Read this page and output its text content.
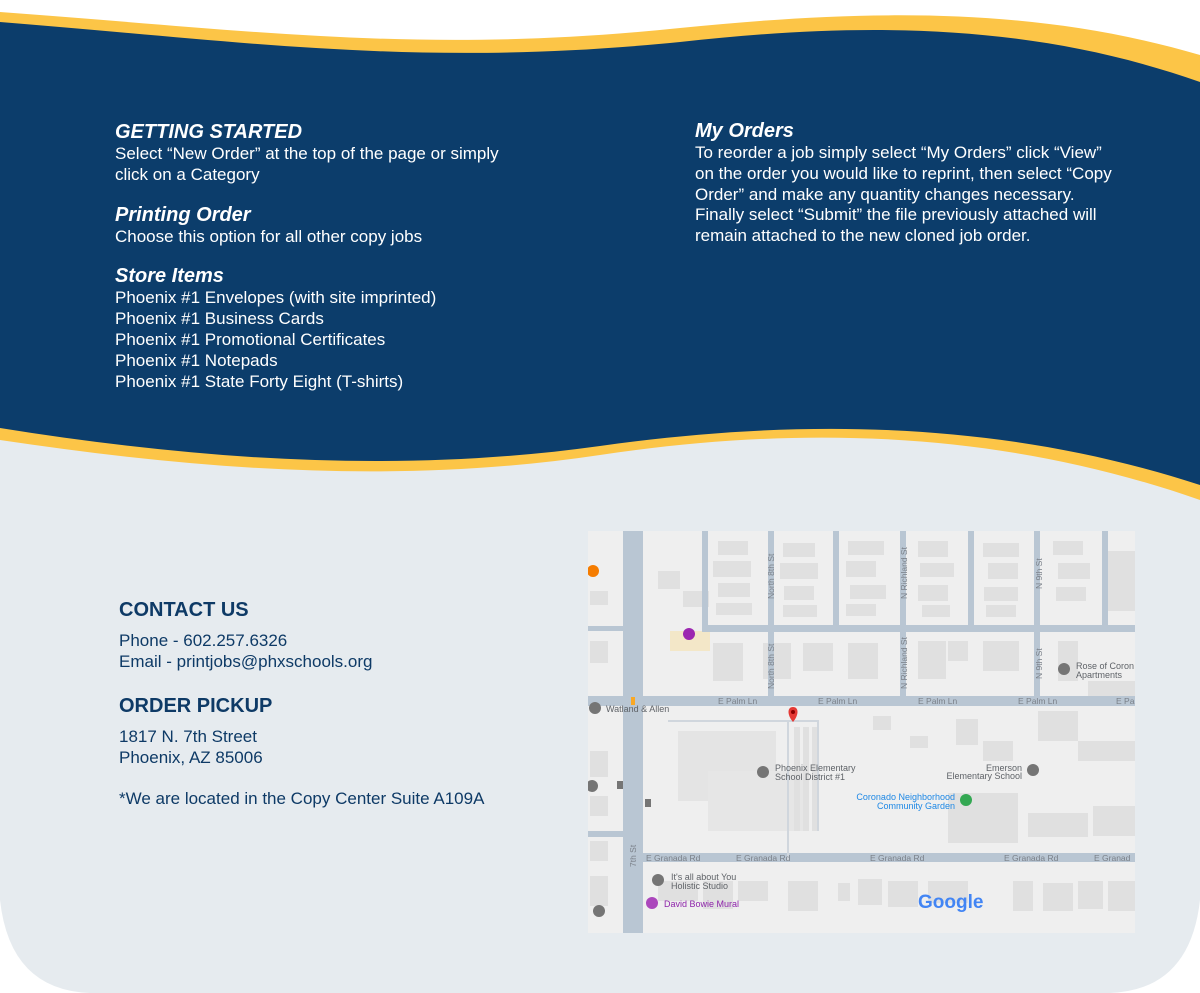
GETTING STARTED

Select “New Order” at the top of the page or simply

click on a Category

Printing Order

Choose this option for all other copy jobs

Store Items

Phoenix #1 Envelopes (with site imprinted)

Phoenix #1 Business Cards

Phoenix #1 Promotional Certificates

Phoenix #1 Notepads

Phoenix #1 State Forty Eight (T-shirts)

My Orders

To reorder a job simply select “My Orders” click “View”

on the order you would like to reprint, then select “Copy

Order” and make any quantity changes necessary.

Finally select “Submit” the file previously attached will

remain attached to the new cloned job order.

CONTACT US

Phone - 602.257.6326

Email - printjobs@phxschools.org

ORDER PICKUP

1817 N. 7th Street

Phoenix, AZ 85006

*We are located in the Copy Center Suite A109A

North 8th St
North 8th St
N Richland St
N Richland St
N 9th St
N 9th St
7th St
E Palm Ln	E Palm Ln	E Palm Ln	E Palm Ln	E Pa
E Granada Rd	E Granada Rd	E Granada Rd	E Granada Rd	E Granad
Watland & Allen
Rose of Coron
Apartments
Phoenix Elementary
School District #1
Emerson
Elementary School
Coronado Neighborhood
Community Garden
It's all about You
Holistic Studio
David Bowie Mural	Google
